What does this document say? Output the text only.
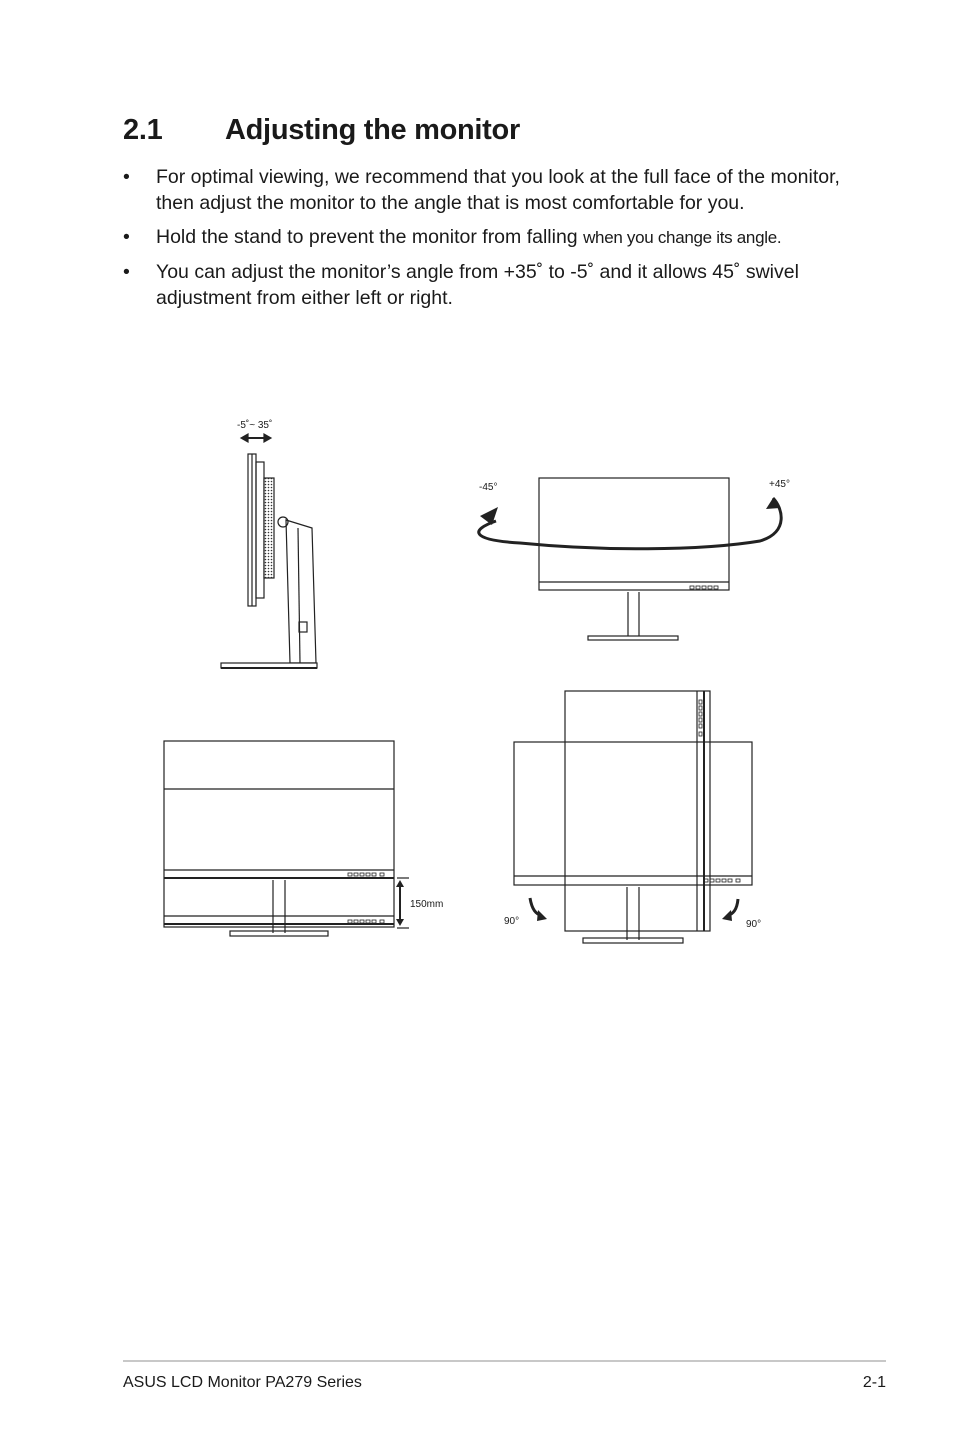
2.1 Adjusting the monitor
• For optimal viewing, we recommend that you look at the full face of the monitor, then adjust the monitor to the angle that is most comfortable for you.
• Hold the stand to prevent the monitor from falling when you change its angle.
• You can adjust the monitor’s angle from +35˚ to -5˚ and it allows 45˚ swivel adjustment from either left or right.
-5˚~ 35˚
-45°	+45°
150mm
90°	90°
ASUS LCD Monitor PA279 Series	2-1
